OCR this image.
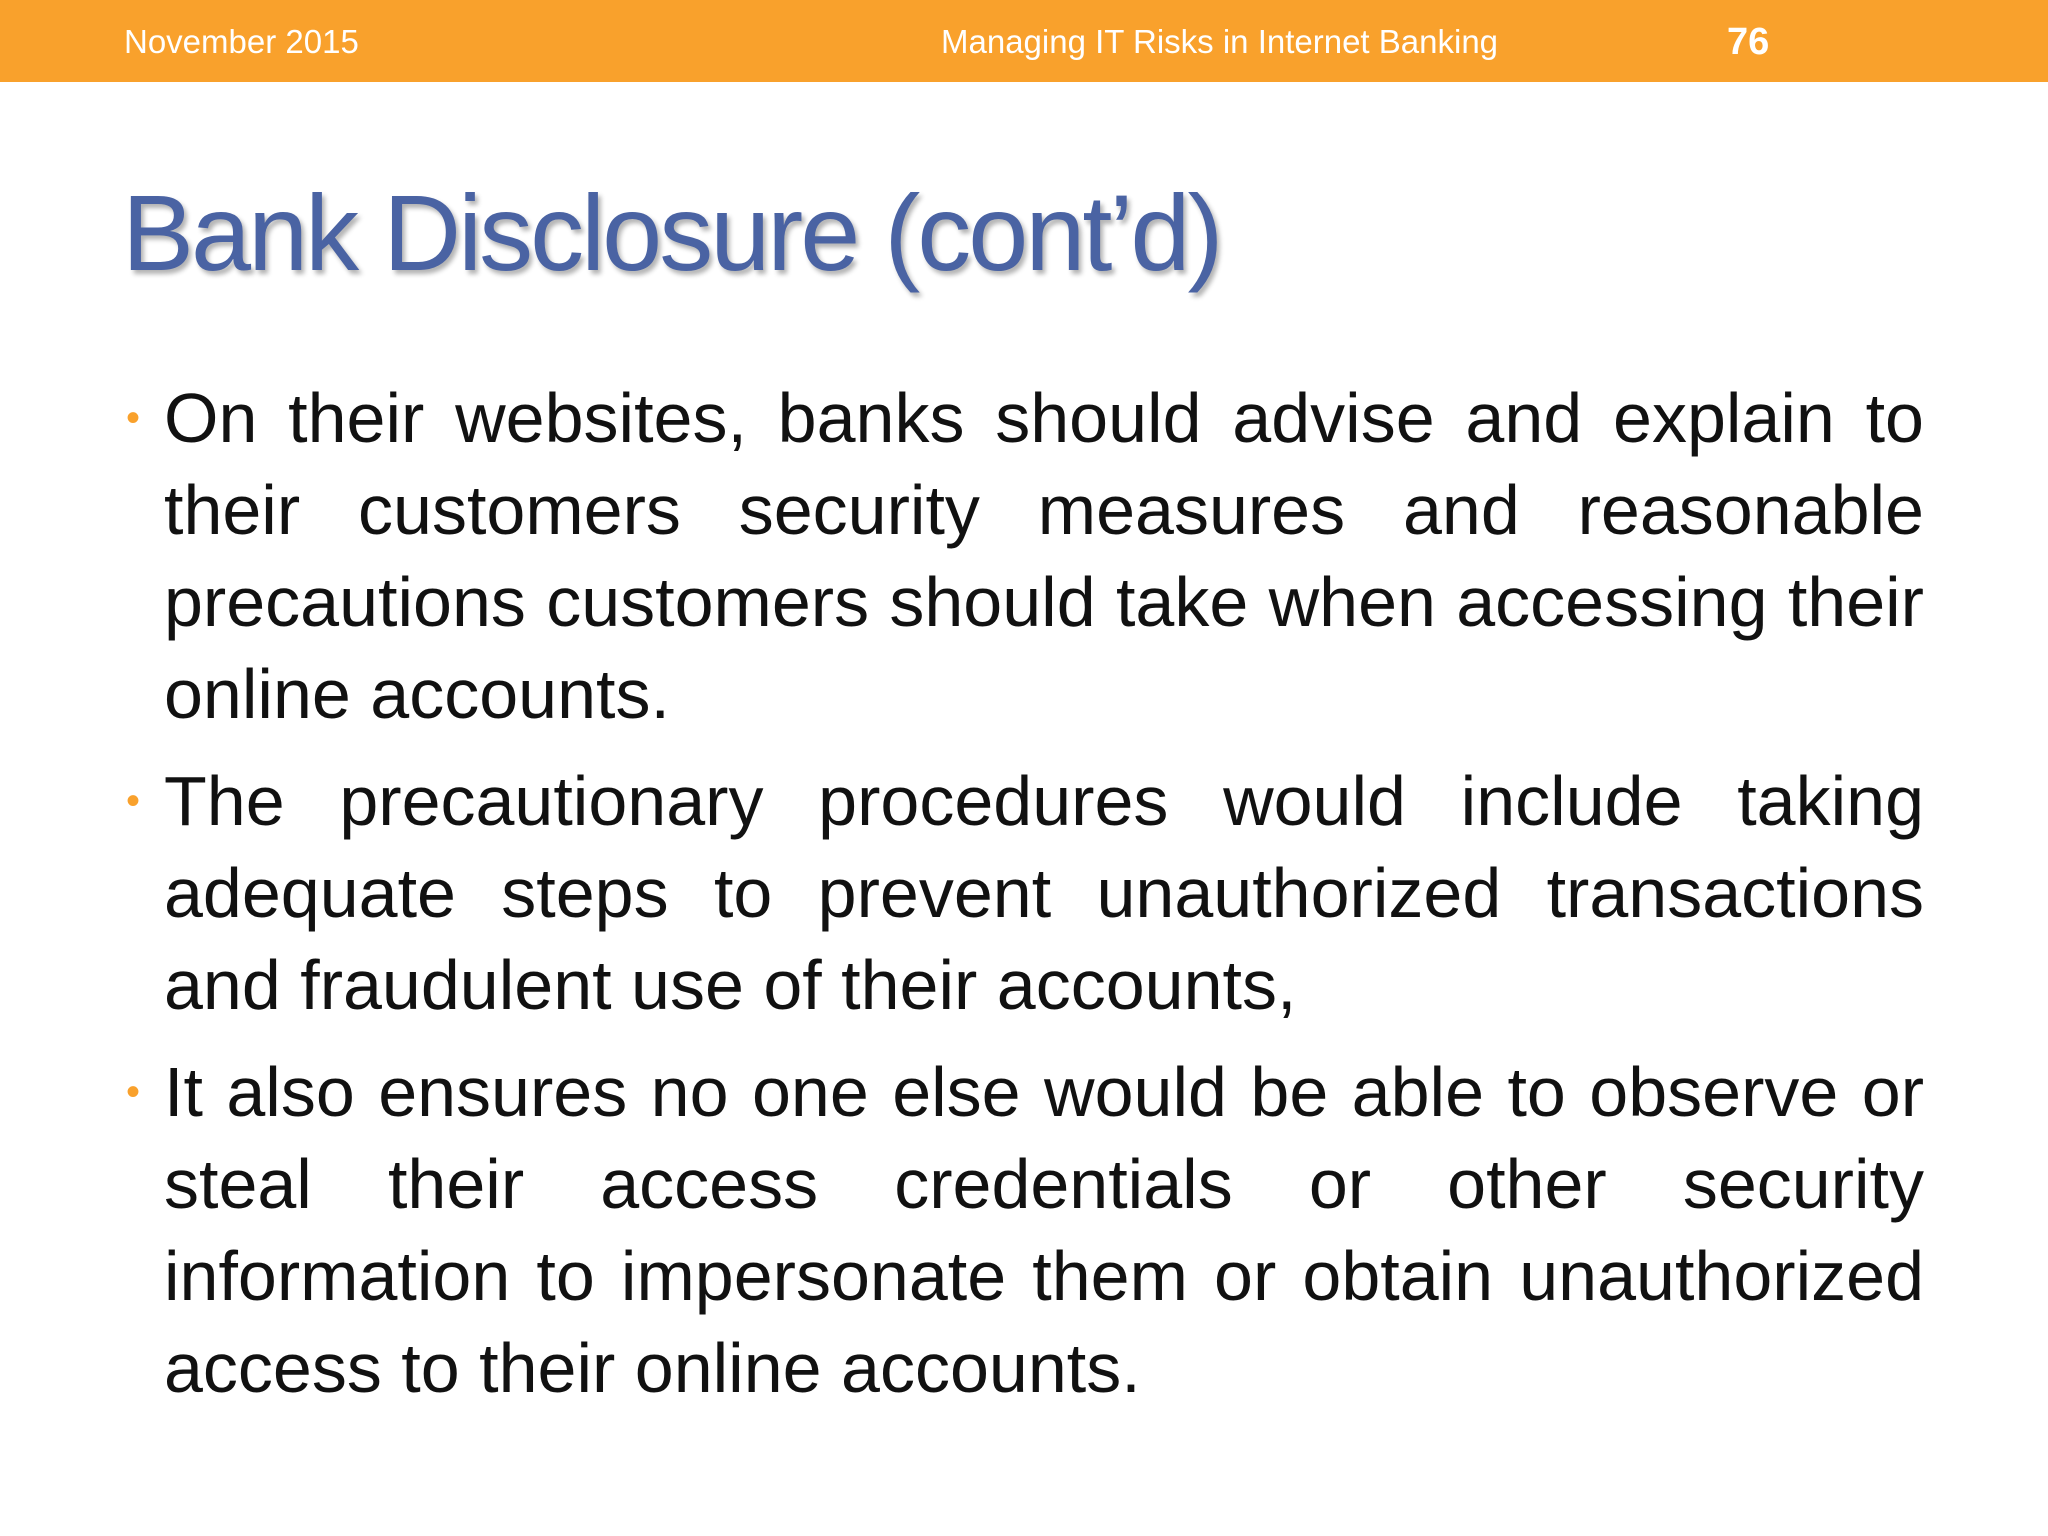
November 2015	Managing IT Risks in Internet Banking	76
Bank Disclosure (cont’d)
• On their websites, banks should advise and explain to their customers security measures and reasonable precautions customers should take when accessing their online accounts.
• The precautionary procedures would include taking adequate steps to prevent unauthorized transactions and fraudulent use of their accounts,
• It also ensures no one else would be able to observe or steal their access credentials or other security information to impersonate them or obtain unauthorized access to their online accounts.
